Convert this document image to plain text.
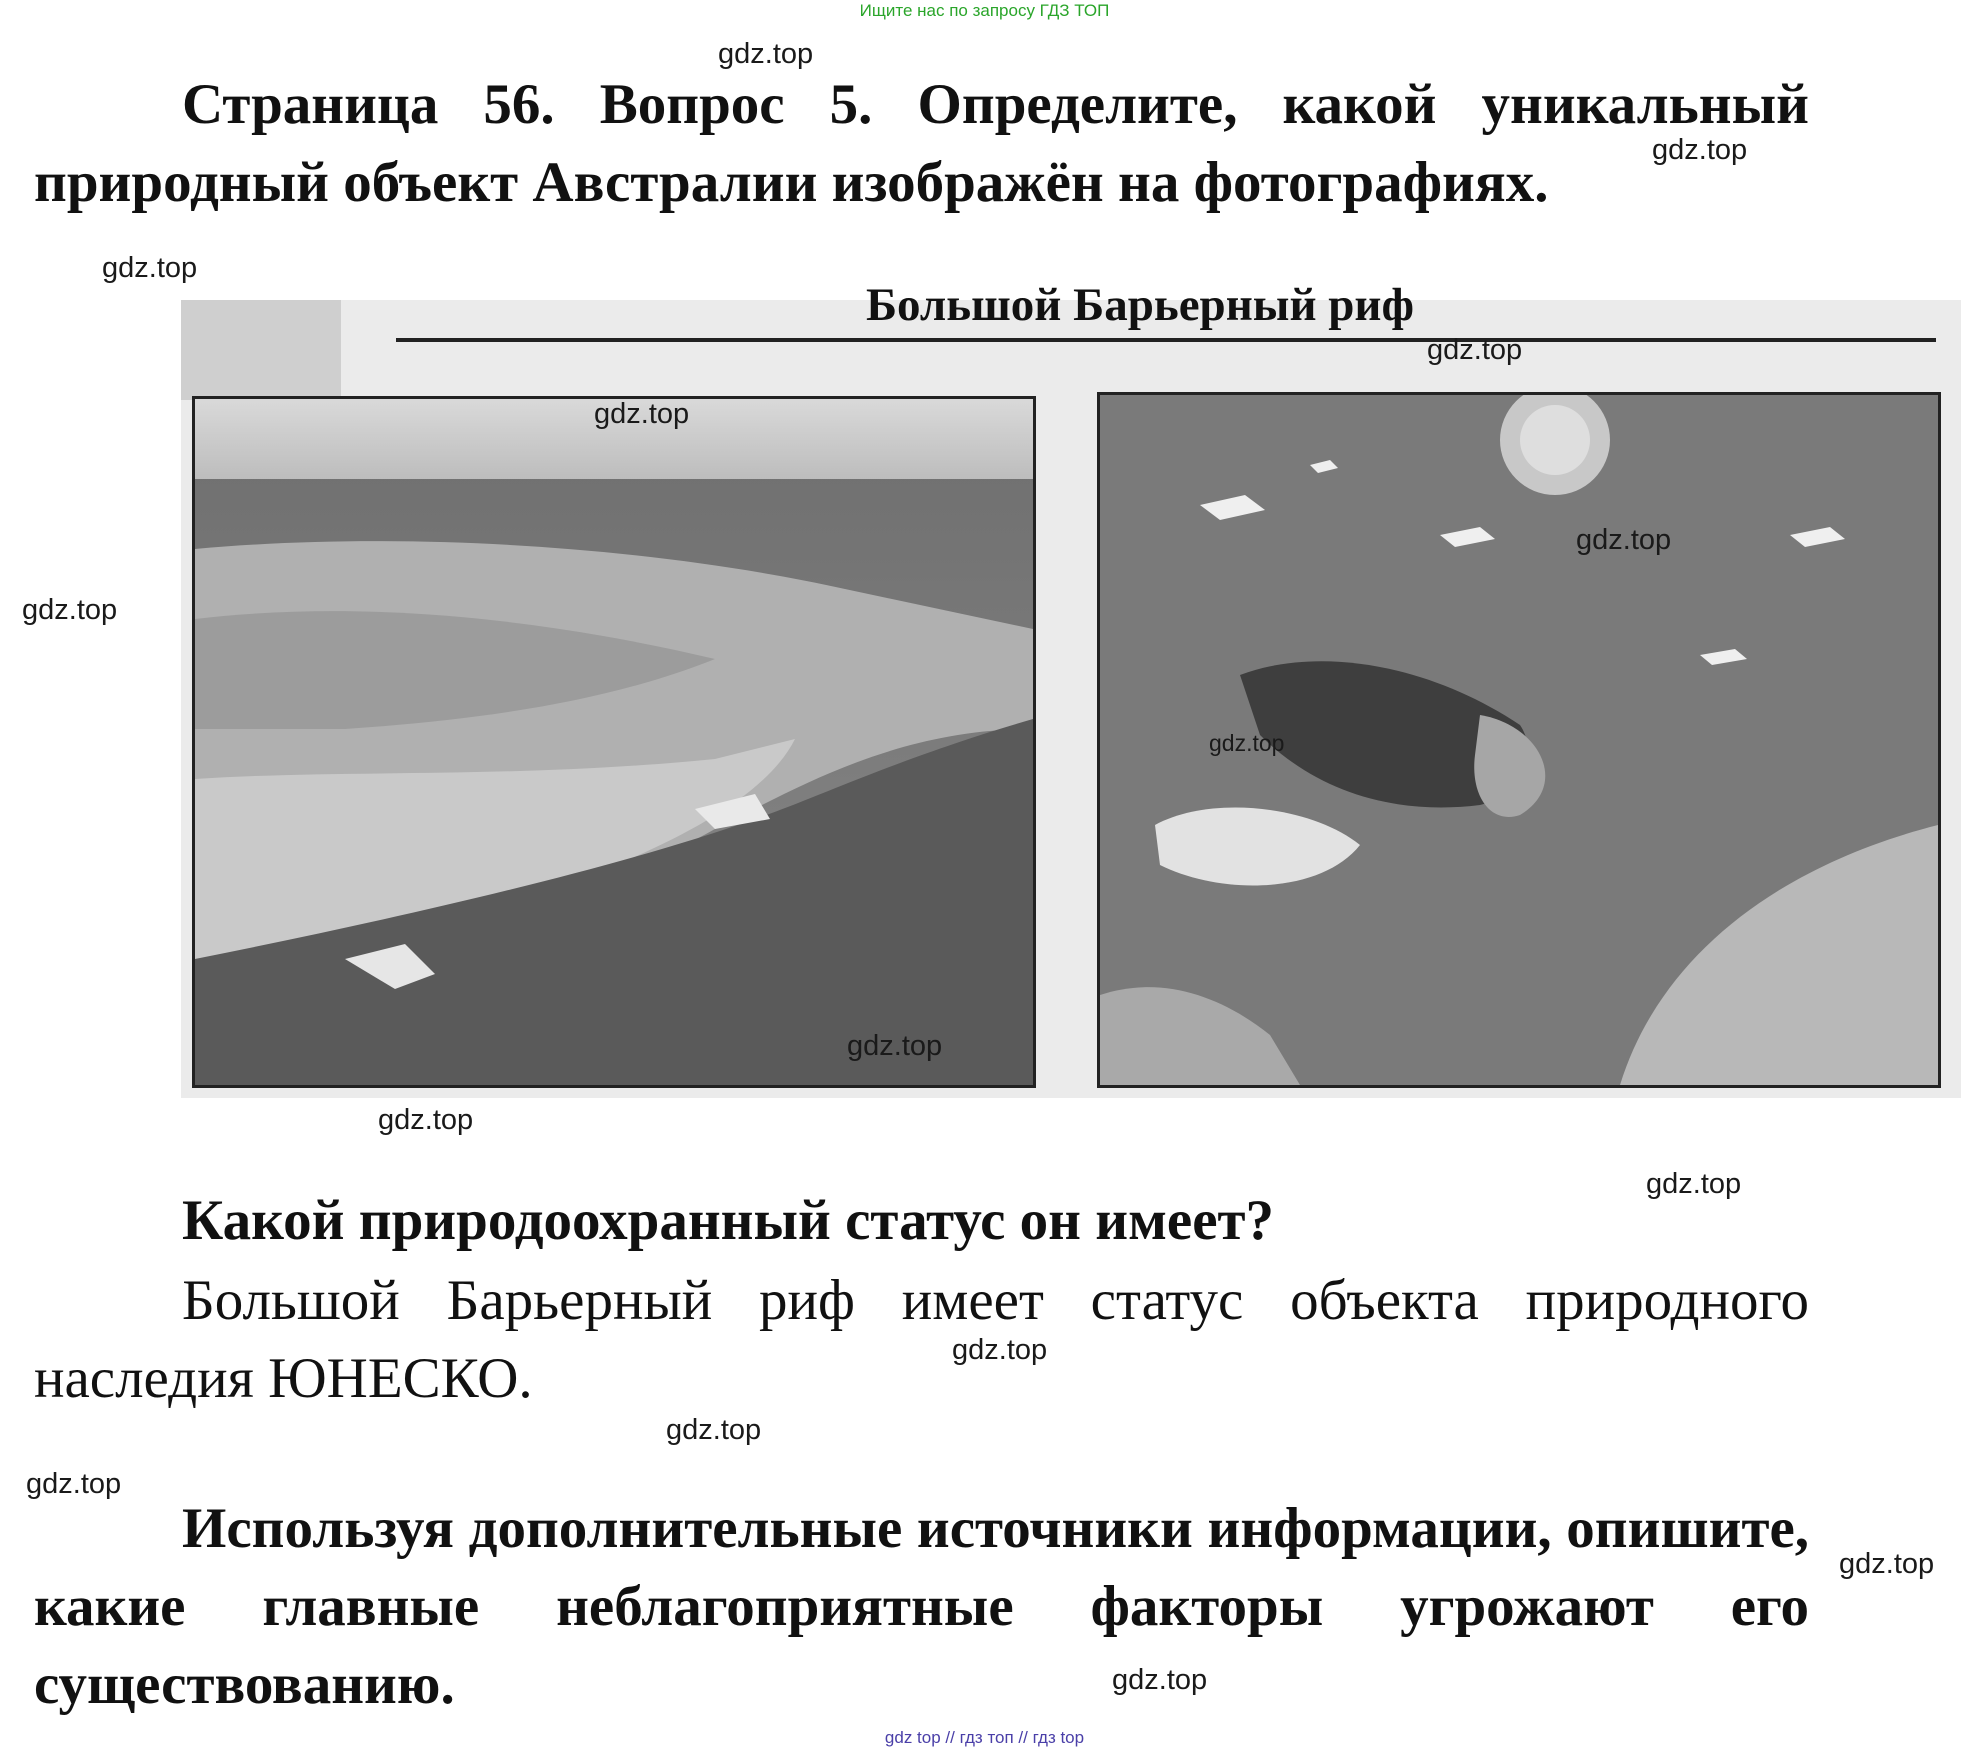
Ищите нас по запросу ГДЗ ТОП
Страница 56. Вопрос 5. Определите, какой уникальный природный объект Австралии изображён на фотографиях.
Большой Барьерный риф
Какой природоохранный статус он имеет?
Большой Барьерный риф имеет статус объекта природного наследия ЮНЕСКО.
Используя дополнительные источники информации, опишите, какие главные неблагоприятные факторы угрожают его существованию.
gdz.top
gdz.top
gdz.top
gdz.top
gdz.top
gdz.top
gdz.top
gdz.top
gdz.top
gdz.top
gdz.top
gdz.top
gdz.top
gdz.top
gdz.top
gdz.top
gdz top // гдз топ // гдз top
